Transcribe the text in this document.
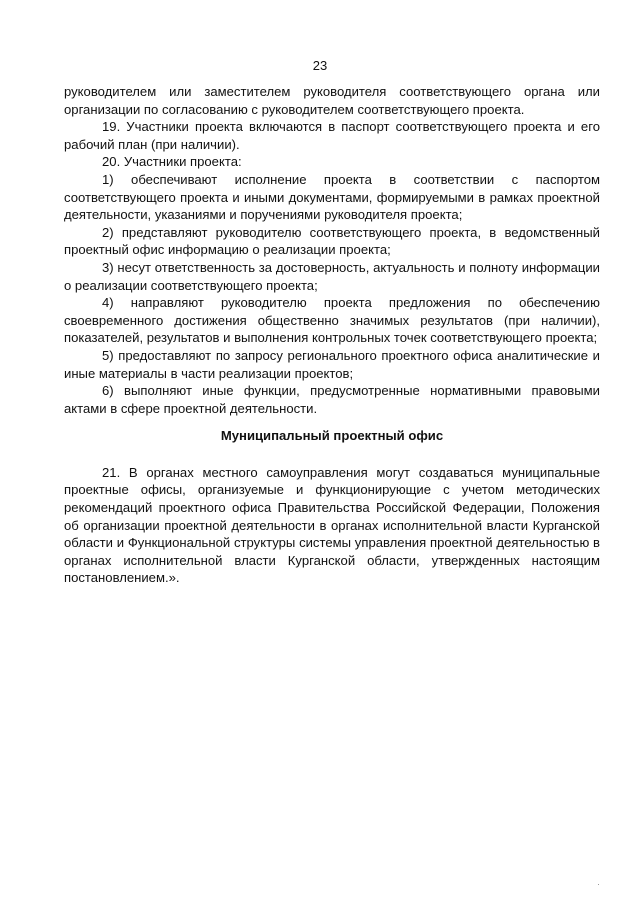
23

руководителем или заместителем руководителя соответствующего органа или организации по согласованию с руководителем соответствующего проекта.

19. Участники проекта включаются в паспорт соответствующего проекта и его рабочий план (при наличии).

20. Участники проекта:

1) обеспечивают исполнение проекта в соответствии с паспортом соответствующего проекта и иными документами, формируемыми в рамках проектной деятельности, указаниями и поручениями руководителя проекта;

2) представляют руководителю соответствующего проекта, в ведомственный проектный офис информацию о реализации проекта;

3) несут ответственность за достоверность, актуальность и полноту информации о реализации соответствующего проекта;

4) направляют руководителю проекта предложения по обеспечению своевременного достижения общественно значимых результатов (при наличии), показателей, результатов и выполнения контрольных точек соответствующего проекта;

5) предоставляют по запросу регионального проектного офиса аналитические и иные материалы в части реализации проектов;

6) выполняют иные функции, предусмотренные нормативными правовыми актами в сфере проектной деятельности.

Муниципальный проектный офис

21. В органах местного самоуправления могут создаваться муниципальные проектные офисы, организуемые и функционирующие с учетом методических рекомендаций проектного офиса Правительства Российской Федерации, Положения об организации проектной деятельности в органах исполнительной власти Курганской области и Функциональной структуры системы управления проектной деятельностью в органах исполнительной власти Курганской области, утвержденных настоящим постановлением.».
